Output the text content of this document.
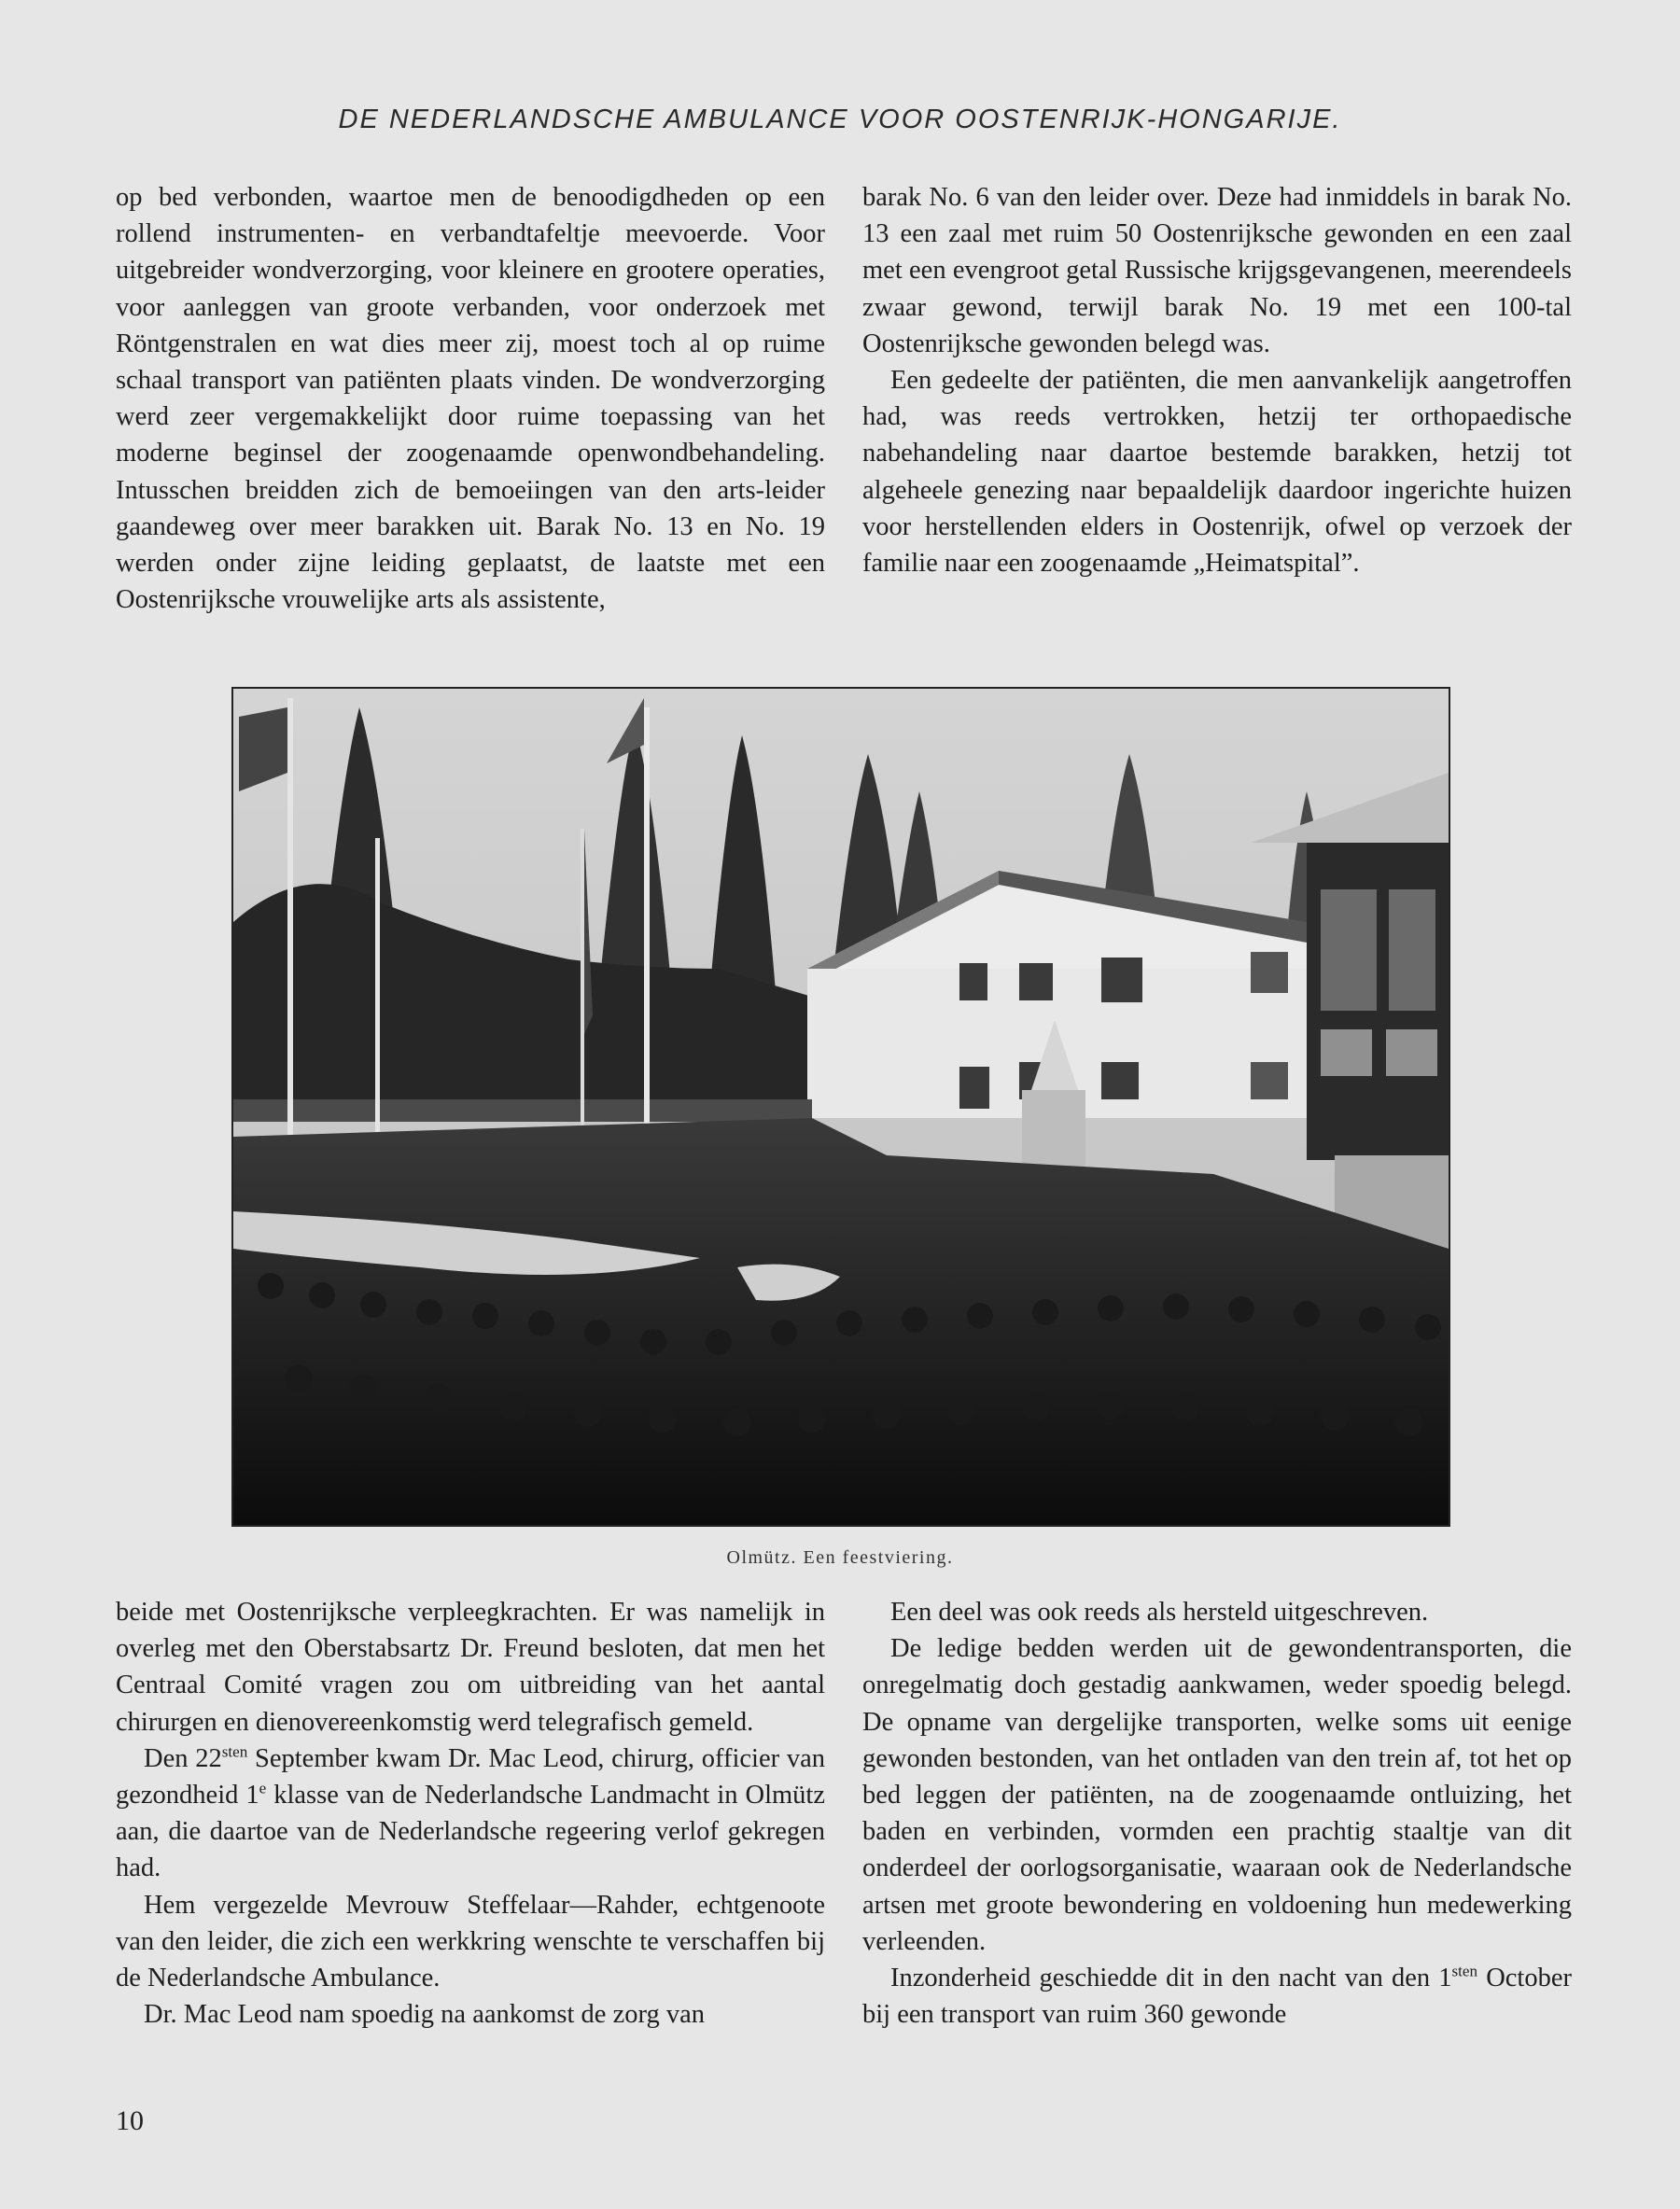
DE NEDERLANDSCHE AMBULANCE VOOR OOSTENRIJK-HONGARIJE.

op bed verbonden, waartoe men de benoodigdheden op een rollend instrumenten- en verbandtafeltje meevoerde. Voor uitgebreider wondverzorging, voor kleinere en grootere operaties, voor aanleggen van groote verbanden, voor onderzoek met Röntgenstralen en wat dies meer zij, moest toch al op ruime schaal transport van patiënten plaats vinden. De wondverzorging werd zeer vergemakkelijkt door ruime toepassing van het moderne beginsel der zoogenaamde openwondbehandeling. Intusschen breidden zich de bemoeiingen van den arts-leider gaandeweg over meer barakken uit. Barak No. 13 en No. 19 werden onder zijne leiding geplaatst, de laatste met een Oostenrijksche vrouwelijke arts als assistente,

barak No. 6 van den leider over. Deze had inmiddels in barak No. 13 een zaal met ruim 50 Oostenrijksche gewonden en een zaal met een evengroot getal Russische krijgsgevangenen, meerendeels zwaar gewond, terwijl barak No. 19 met een 100-tal Oostenrijksche gewonden belegd was.

Een gedeelte der patiënten, die men aanvankelijk aangetroffen had, was reeds vertrokken, hetzij ter orthopaedische nabehandeling naar daartoe bestemde barakken, hetzij tot algeheele genezing naar bepaaldelijk daardoor ingerichte huizen voor herstellenden elders in Oostenrijk, ofwel op verzoek der familie naar een zoogenaamde „Heimatspital”.

Olmütz. Een feestviering.

beide met Oostenrijksche verpleegkrachten. Er was namelijk in overleg met den Oberstabsartz Dr. Freund besloten, dat men het Centraal Comité vragen zou om uitbreiding van het aantal chirurgen en dienovereenkomstig werd telegrafisch gemeld.

Den $22^{sten}$ September kwam Dr. Mac Leod, chirurg, officier van gezondheid 1e klasse van de Nederlandsche Landmacht in Olmütz aan, die daartoe van de Nederlandsche regeering verlof gekregen had.

Hem vergezelde Mevrouw Steffelaar—Rahder, echtgenoote van den leider, die zich een werkkring wenschte te verschaffen bij de Nederlandsche Ambulance.

Dr. Mac Leod nam spoedig na aankomst de zorg van

Een deel was ook reeds als hersteld uitgeschreven.

De ledige bedden werden uit de gewondentransporten, die onregelmatig doch gestadig aankwamen, weder spoedig belegd. De opname van dergelijke transporten, welke soms uit eenige gewonden bestonden, van het ontladen van den trein af, tot het op bed leggen der patiënten, na de zoogenaamde ontluizing, het baden en verbinden, vormden een prachtig staaltje van dit onderdeel der oorlogsorganisatie, waaraan ook de Nederlandsche artsen met groote bewondering en voldoening hun medewerking verleenden.

Inzonderheid geschiedde dit in den nacht van den $1^{sten}$ October bij een transport van ruim 360 gewonde

10
